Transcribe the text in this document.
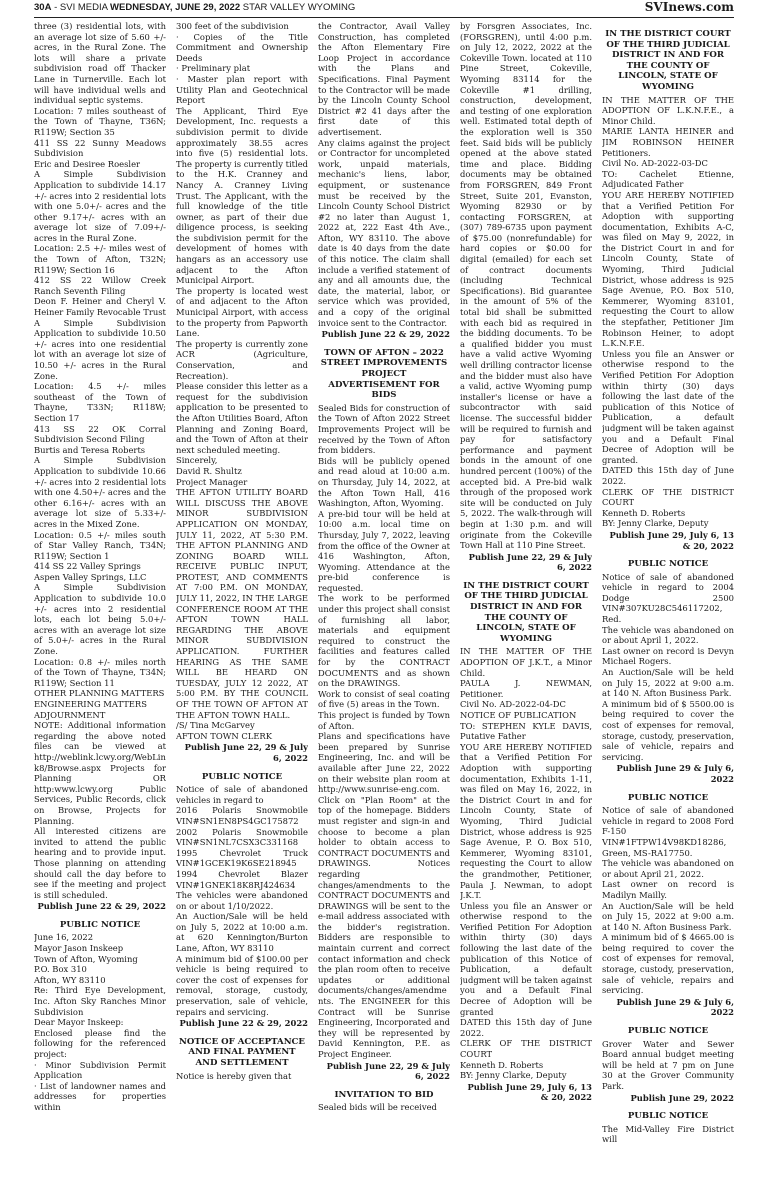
30A - SVI MEDIA WEDNESDAY, JUNE 29, 2022 STAR VALLEY WYOMING	SVInews.com

three (3) residential lots, with an average lot size of 5.60 +/- acres, in the Rural Zone. The lots will share a private subdivision road off Thacker Lane in Turnerville. Each lot will have individual wells and individual septic systems.

Location: 7 miles southeast of the Town of Thayne, T36N; R119W; Section 35

411 SS 22 Sunny Meadows Subdivision

Eric and Desiree Roesler

A Simple Subdivision Application to subdivide 14.17 +/- acres into 2 residential lots with one 5.0+/- acres and the other 9.17+/- acres with an average lot size of 7.09+/- acres in the Rural Zone.

Location: 2.5 +/- miles west of the Town of Afton, T32N; R119W; Section 16

412 SS 22 Willow Creek Ranch Seventh Filing

Deon F. Heiner and Cheryl V. Heiner Family Revocable Trust

A Simple Subdivision Application to subdivide 10.50 +/- acres into one residential lot with an average lot size of 10.50 +/- acres in the Rural Zone.

Location: 4.5 +/- miles southeast of the Town of Thayne, T33N; R118W; Section 17

413 SS 22 OK Corral Subdivision Second Filing

Burtis and Teresa Roberts

A Simple Subdivision Application to subdivide 10.66 +/- acres into 2 residential lots with one 4.50+/- acres and the other 6.16+/- acres with an average lot size of 5.33+/- acres in the Mixed Zone.

Location: 0.5 +/- miles south of Star Valley Ranch, T34N; R119W; Section 1

414 SS 22 Valley Springs

Aspen Valley Springs, LLC

A Simple Subdivision Application to subdivide 10.0 +/- acres into 2 residential lots, each lot being 5.0+/- acres with an average lot size of 5.0+/- acres in the Rural Zone.

Location: 0.8 +/- miles north of the Town of Thayne, T34N; R119W; Section 11

OTHER PLANNING MATTERS

ENGINEERING MATTERS

ADJOURNMENT

NOTE: Additional information regarding the above noted files can be viewed at http://weblink.lcwy.org/WebLink8/Browse.aspx Projects for Planning OR http:www.lcwy.org Public Services, Public Records, click on Browse, Projects for Planning.

All interested citizens are invited to attend the public hearing and to provide input. Those planning on attending should call the day before to see if the meeting and project is still scheduled.

Publish June 22 & 29, 2022

PUBLIC NOTICE

June 16, 2022

Mayor Jason Inskeep

Town of Afton, Wyoming

P.O. Box 310

Afton, WY 83110

Re: Third Eye Development, Inc. Afton Sky Ranches Minor Subdivision

Dear Mayor Inskeep:

Enclosed please find the following for the referenced project:

· Minor Subdivision Permit Application

· List of landowner names and addresses for properties within

300 feet of the subdivision

· Copies of the Title Commitment and Ownership Deeds

· Preliminary plat

· Master plan report with Utility Plan and Geotechnical Report

The Applicant, Third Eye Development, Inc. requests a subdivision permit to divide approximately 38.55 acres into five (5) residential lots. The property is currently titled to the H.K. Cranney and Nancy A. Cranney Living Trust. The Applicant, with the full knowledge of the title owner, as part of their due diligence process, is seeking the subdivision permit for the development of homes with hangars as an accessory use adjacent to the Afton Municipal Airport.

The property is located west of and adjacent to the Afton Municipal Airport, with access to the property from Papworth Lane.

The property is currently zone ACR (Agriculture, Conservation, and Recreation).

Please consider this letter as a request for the subdivision application to be presented to the Afton Utilities Board, Afton Planning and Zoning Board, and the Town of Afton at their next scheduled meeting.

Sincerely,

David R. Shultz

Project Manager

THE AFTON UTILITY BOARD WILL DISCUSS THE ABOVE MINOR SUBDIVISION APPLICATION ON MONDAY, JULY 11, 2022, AT 5:30 P.M. THE AFTON PLANNING AND ZONING BOARD WILL RECEIVE PUBLIC INPUT, PROTEST, AND COMMENTS AT 7:00 P.M. ON MONDAY, JULY 11, 2022, IN THE LARGE CONFERENCE ROOM AT THE AFTON TOWN HALL REGARDING THE ABOVE MINOR SUBDIVISION APPLICATION. FURTHER HEARING AS THE SAME WILL BE HEARD ON TUESDAY, JULY 12 2022, AT 5:00 P.M. BY THE COUNCIL OF THE TOWN OF AFTON AT THE AFTON TOWN HALL.

/S/ Tina McGarvey

AFTON TOWN CLERK

Publish June 22, 29 & July 6, 2022

PUBLIC NOTICE

Notice of sale of abandoned vehicles in regard to

2016 Polaris Snowmobile VIN#SN1EN8PS4GC175872

2002 Polaris Snowmobile VIN#SN1NL7CSX3C331168

1995 Chevrolet Truck VIN#1GCEK19K6SE218945

1994 Chevrolet Blazer VIN#1GNEK18K8RJ424634

The vehicles were abandoned on or about 1/10/2022.

An Auction/Sale will be held on July 5, 2022 at 10:00 a.m. at 620 Kennington/Burton Lane, Afton, WY 83110

A minimum bid of $100.00 per vehicle is being required to cover the cost of expenses for removal, storage, custody, preservation, sale of vehicle, repairs and servicing.

Publish June 22 & 29, 2022

NOTICE OF ACCEPTANCE AND FINAL PAYMENT AND SETTLEMENT

Notice is hereby given that

the Contractor, Avail Valley Construction, has completed the Afton Elementary Fire Loop Project in accordance with the Plans and Specifications. Final Payment to the Contractor will be made by the Lincoln County School District #2 41 days after the first date of this advertisement.

Any claims against the project or Contractor for uncompleted work, unpaid materials, mechanic's liens, labor, equipment, or sustenance must be received by the Lincoln County School District #2 no later than August 1, 2022 at, 222 East 4th Ave., Afton, WY 83110. The above date is 40 days from the date of this notice. The claim shall include a verified statement of any and all amounts due, the date, the material, labor, or service which was provided, and a copy of the original invoice sent to the Contractor.

Publish June 22 & 29, 2022

TOWN OF AFTON – 2022 STREET IMPROVEMENTS PROJECT ADVERTISEMENT FOR BIDS

Sealed Bids for construction of the Town of Afton 2022 Street Improvements Project will be received by the Town of Afton from bidders.

Bids will be publicly opened and read aloud at 10:00 a.m. on Thursday, July 14, 2022, at the Afton Town Hall, 416 Washington, Afton, Wyoming.

A pre-bid tour will be held at 10:00 a.m. local time on Thursday, July 7, 2022, leaving from the office of the Owner at 416 Washington, Afton, Wyoming. Attendance at the pre-bid conference is requested.

The work to be performed under this project shall consist of furnishing all labor, materials and equipment required to construct the facilities and features called for by the CONTRACT DOCUMENTS and as shown on the DRAWINGS.

Work to consist of seal coating of five (5) areas in the Town.

This project is funded by Town of Afton.

Plans and specifications have been prepared by Sunrise Engineering, Inc. and will be available after June 22, 2022 on their website plan room at http://www.sunrise-eng.com. Click on "Plan Room" at the top of the homepage. Bidders must register and sign-in and choose to become a plan holder to obtain access to CONTRACT DOCUMENTS and DRAWINGS. Notices regarding changes/amendments to the CONTRACT DOCUMENTS and DRAWINGS will be sent to the e-mail address associated with the bidder's registration. Bidders are responsible to maintain current and correct contact information and check the plan room often to receive updates or additional documents/changes/amendments. The ENGINEER for this Contract will be Sunrise Engineering, Incorporated and they will be represented by David Kennington, P.E. as Project Engineer.

Publish June 22, 29 & July 6, 2022

INVITATION TO BID

Sealed bids will be received

by Forsgren Associates, Inc. (FORSGREN), until 4:00 p.m. on July 12, 2022, 2022 at the Cokeville Town. located at 110 Pine Street, Cokeville, Wyoming 83114 for the Cokeville #1 drilling, construction, development, and testing of one exploration well. Estimated total depth of the exploration well is 350 feet. Said bids will be publicly opened at the above stated time and place. Bidding documents may be obtained from FORSGREN, 849 Front Street, Suite 201, Evanston, Wyoming 82930 or by contacting FORSGREN, at (307) 789-6735 upon payment of $75.00 (nonrefundable) for hard copies or $0.00 for digital (emailed) for each set of contract documents (including Technical Specifications). Bid guarantee in the amount of 5% of the total bid shall be submitted with each bid as required in the bidding documents. To be a qualified bidder you must have a valid active Wyoming well drilling contractor license and the bidder must also have a valid, active Wyoming pump installer's license or have a subcontractor with said license. The successful bidder will be required to furnish and pay for satisfactory performance and payment bonds in the amount of one hundred percent (100%) of the accepted bid. A Pre-bid walk through of the proposed work site will be conducted on July 5, 2022. The walk-through will begin at 1:30 p.m. and will originate from the Cokeville Town Hall at 110 Pine Street.

Publish June 22, 29 & July 6, 2022

IN THE DISTRICT COURT OF THE THIRD JUDICIAL DISTRICT IN AND FOR THE COUNTY OF LINCOLN, STATE OF WYOMING

IN THE MATTER OF THE ADOPTION OF J.K.T., a Minor Child.

PAULA J. NEWMAN, Petitioner.

Civil No. AD-2022-04-DC

NOTICE OF PUBLICATION

TO: STEPHEN KYLE DAVIS, Putative Father

YOU ARE HEREBY NOTIFIED that a Verified Petition For Adoption with supporting documentation, Exhibits 1-11, was filed on May 16, 2022, in the District Court in and for Lincoln County, State of Wyoming, Third Judicial District, whose address is 925 Sage Avenue, P. O. Box 510, Kemmerer, Wyoming 83101, requesting the Court to allow the grandmother, Petitioner, Paula J. Newman, to adopt J.K.T.

Unless you file an Answer or otherwise respond to the Verified Petition For Adoption within thirty (30) days following the last date of the publication of this Notice of Publication, a default judgment will be taken against you and a Default Final Decree of Adoption will be granted

DATED this 15th day of June 2022.

CLERK OF THE DISTRICT COURT

Kenneth D. Roberts

BY: Jenny Clarke, Deputy

Publish June 29, July 6, 13 & 20, 2022

IN THE DISTRICT COURT OF THE THIRD JUDICIAL DISTRICT IN AND FOR THE COUNTY OF LINCOLN, STATE OF WYOMING

IN THE MATTER OF THE ADOPTION OF L.K.N.F.E., a Minor Child.

MARIE LANTA HEINER and JIM ROBINSON HEINER Petitioners.

Civil No. AD-2022-03-DC

TO: Cachelet Etienne, Adjudicated Father

YOU ARE HEREBY NOTIFIED that a Verified Petition For Adoption with supporting documentation, Exhibits A-C, was filed on May 9, 2022, in the District Court in and for Lincoln County, State of Wyoming, Third Judicial District, whose address is 925 Sage Avenue, P.O. Box 510, Kemmerer, Wyoming 83101, requesting the Court to allow the stepfather, Petitioner Jim Robinson Heiner, to adopt L.K.N.F.E.

Unless you file an Answer or otherwise respond to the Verified Petition For Adoption within thirty (30) days following the last date of the publication of this Notice of Publication, a default judgment will be taken against you and a Default Final Decree of Adoption will be granted.

DATED this 15th day of June 2022.

CLERK OF THE DISTRICT COURT

Kenneth D. Roberts

BY: Jenny Clarke, Deputy

Publish June 29, July 6, 13 & 20, 2022

PUBLIC NOTICE

Notice of sale of abandoned vehicle in regard to 2004 Dodge 2500 VIN#307KU28C546117202, Red.

The vehicle was abandoned on or about April 1, 2022.

Last owner on record is Devyn Michael Rogers.

An Auction/Sale will be held on July 15, 2022 at 9:00 a.m. at 140 N. Afton Business Park.

A minimum bid of $ 5500.00 is being required to cover the cost of expenses for removal, storage, custody, preservation, sale of vehicle, repairs and servicing.

Publish June 29 & July 6, 2022

PUBLIC NOTICE

Notice of sale of abandoned vehicle in regard to 2008 Ford F-150 VIN#1FTPW14V98KD18286, Green, MS-RA17750.

The vehicle was abandoned on or about April 21, 2022.

Last owner on record is Madilyn Mailly.

An Auction/Sale will be held on July 15, 2022 at 9:00 a.m. at 140 N. Afton Business Park.

A minimum bid of $ 4665.00 is being required to cover the cost of expenses for removal, storage, custody, preservation, sale of vehicle, repairs and servicing.

Publish June 29 & July 6, 2022

PUBLIC NOTICE

Grover Water and Sewer Board annual budget meeting will be held at 7 pm on June 30 at the Grover Community Park.

Publish June 29, 2022

PUBLIC NOTICE

The Mid-Valley Fire District will
